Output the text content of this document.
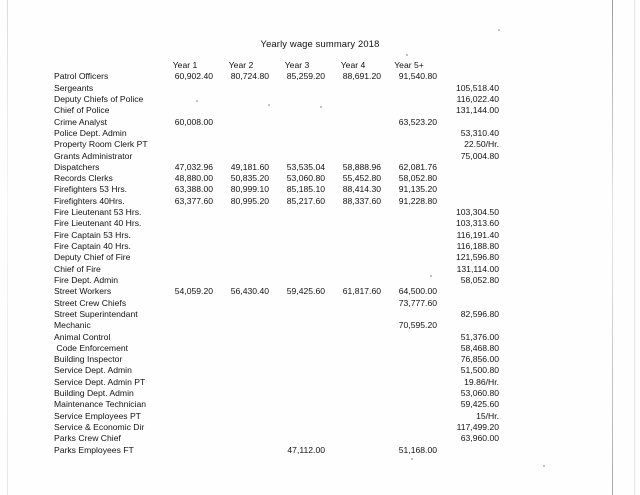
Yearly wage summary 2018
	Year 1	Year 2	Year 3	Year 4	Year 5+	
Patrol Officers	60,902.40	80,724.80	85,259.20	88,691.20	91,540.80	
Sergeants						105,518.40
Deputy Chiefs of Police						116,022.40
Chief of Police						131,144.00
Crime Analyst	60,008.00				63,523.20	
Police Dept. Admin						53,310.40
Property Room Clerk PT						22.50/Hr.
Grants Administrator						75,004.80
Dispatchers	47,032.96	49,181.60	53,535.04	58,888.96	62,081.76	
Records Clerks	48,880.00	50,835.20	53,060.80	55,452.80	58,052.80	
Firefighters 53 Hrs.	63,388.00	80,999.10	85,185.10	88,414.30	91,135.20	
Firefighters 40Hrs.	63,377.60	80,995.20	85,217.60	88,337.60	91,228.80	
Fire Lieutenant 53 Hrs.						103,304.50
Fire Lieutenant 40 Hrs.						103,313.60
Fire Captain 53 Hrs.						116,191.40
Fire Captain 40 Hrs.						116,188.80
Deputy Chief of Fire						121,596.80
Chief of Fire						131,114.00
Fire Dept. Admin						58,052.80
Street Workers	54,059.20	56,430.40	59,425.60	61,817.60	64,500.00	
Street Crew Chiefs					73,777.60	
Street Superintendant						82,596.80
Mechanic					70,595.20	
Animal Control						51,376.00
Code Enforcement						58,468.80
Building Inspector						76,856.00
Service Dept. Admin						51,500.80
Service Dept. Admin PT						19.86/Hr.
Building Dept. Admin						53,060.80
Maintenance Technician						59,425.60
Service Employees PT						15/Hr.
Service & Economic Dir						117,499.20
Parks Crew Chief						63,960.00
Parks Employees FT			47,112.00		51,168.00	
